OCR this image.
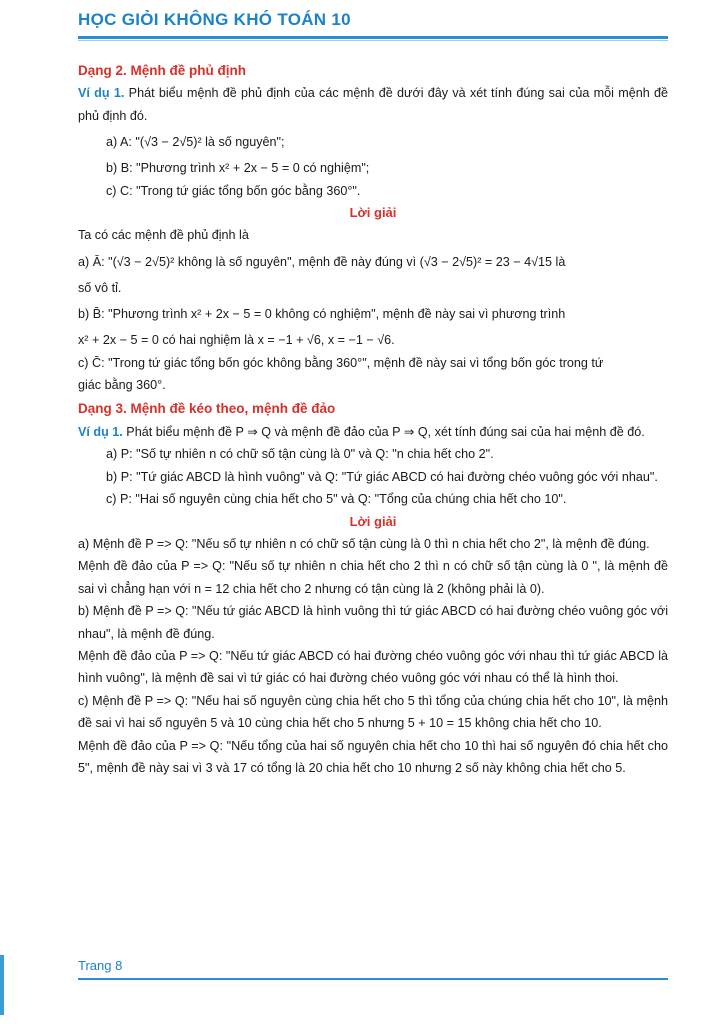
HỌC GIỎI KHÔNG KHÓ TOÁN 10

Dạng 2. Mệnh đề phủ định

Ví dụ 1. Phát biểu mệnh đề phủ định của các mệnh đề dưới đây và xét tính đúng sai của mỗi mệnh đề phủ định đó.

a) A: "(√3 − 2√5)² là số nguyên";

b) B: "Phương trình x² + 2x − 5 = 0 có nghiệm";

c) C: "Trong tứ giác tổng bốn góc bằng 360°".

Lời giải

Ta có các mệnh đề phủ định là

a) Ā: "(√3 − 2√5)² không là số nguyên", mệnh đề này đúng vì (√3 − 2√5)² = 23 − 4√15 là

số vô tỉ.

b) B̄: "Phương trình x² + 2x − 5 = 0 không có nghiệm", mệnh đề này sai vì phương trình

x² + 2x − 5 = 0 có hai nghiệm là x = −1 + √6, x = −1 − √6.

c) C̄: "Trong tứ giác tổng bốn góc không bằng 360°", mệnh đề này sai vì tổng bốn góc trong tứ

giác bằng 360°.

Dạng 3. Mệnh đề kéo theo, mệnh đề đảo

Ví dụ 1. Phát biểu mệnh đề P ⇒ Q và mệnh đề đảo của P ⇒ Q, xét tính đúng sai của hai mệnh đề đó.

a) P: "Số tự nhiên n có chữ số tận cùng là 0" và Q: "n chia hết cho 2".

b) P: "Tứ giác ABCD là hình vuông" và Q: "Tứ giác ABCD có hai đường chéo vuông góc với nhau".

c) P: "Hai số nguyên cùng chia hết cho 5" và Q: "Tổng của chúng chia hết cho 10".

Lời giải

a) Mệnh đề P => Q: "Nếu số tự nhiên n có chữ số tận cùng là 0 thì n chia hết cho 2", là mệnh đề đúng.

Mệnh đề đảo của P => Q: "Nếu số tự nhiên n chia hết cho 2 thì n có chữ số tận cùng là 0 ", là mệnh đề sai vì chẳng hạn với n = 12 chia hết cho 2 nhưng có tận cùng là 2 (không phải là 0).

b) Mệnh đề P => Q: "Nếu tứ giác ABCD là hình vuông thì tứ giác ABCD có hai đường chéo vuông góc với nhau", là mệnh đề đúng.

Mệnh đề đảo của P => Q: "Nếu tứ giác ABCD có hai đường chéo vuông góc với nhau thì tứ giác ABCD là hình vuông", là mệnh đề sai vì tứ giác có hai đường chéo vuông góc với nhau có thể là hình thoi.

c) Mệnh đề P => Q: "Nếu hai số nguyên cùng chia hết cho 5 thì tổng của chúng chia hết cho 10", là mệnh đề sai vì hai số nguyên 5 và 10 cùng chia hết cho 5 nhưng 5 + 10 = 15 không chia hết cho 10.

Mệnh đề đảo của P => Q: "Nếu tổng của hai số nguyên chia hết cho 10 thì hai số nguyên đó chia hết cho 5", mệnh đề này sai vì 3 và 17 có tổng là 20 chia hết cho 10 nhưng 2 số này không chia hết cho 5.

Trang 8
